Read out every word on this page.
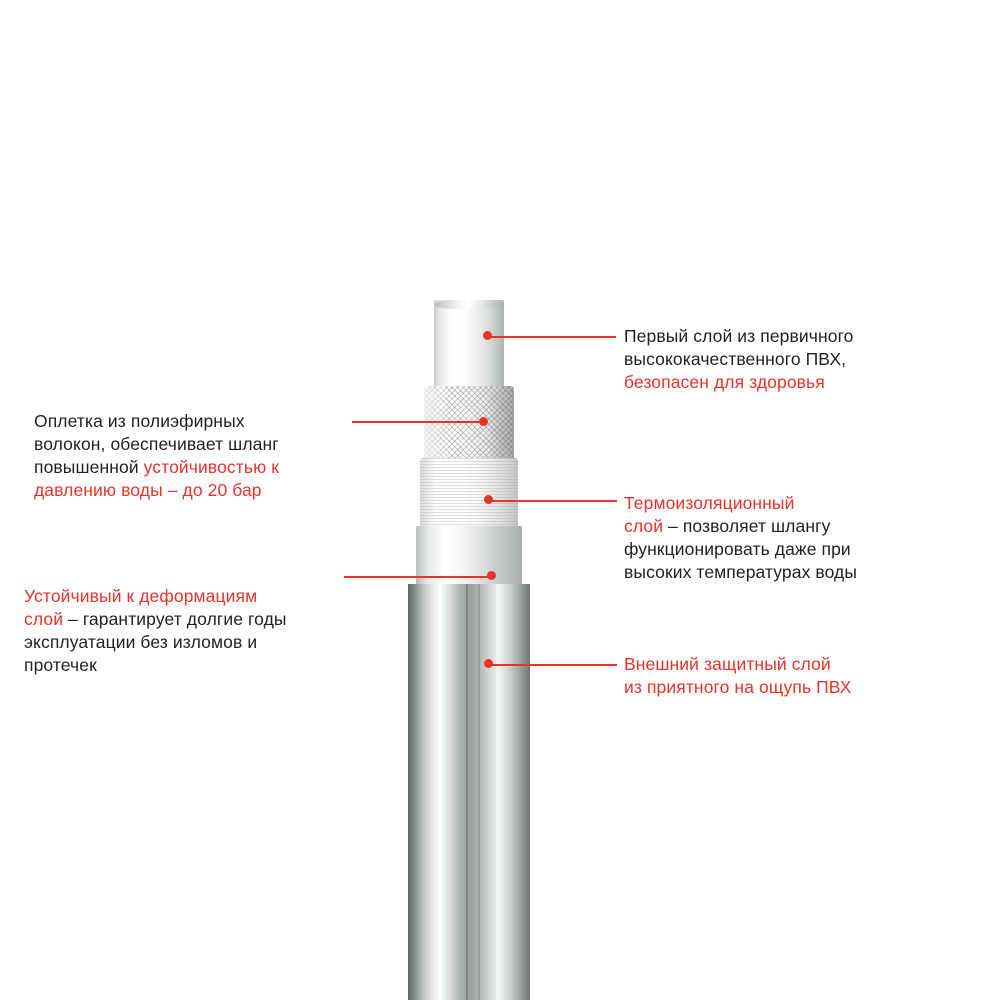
Первый слой из первичного
высококачественного ПВХ,
безопасен для здоровья
Оплетка из полиэфирных
волокон, обеспечивает шланг
повышенной устойчивостью к
давлению воды – до 20 бар
Термоизоляционный
слой – позволяет шлангу
функционировать даже при
высоких температурах воды
Устойчивый к деформациям
слой – гарантирует долгие годы
эксплуатации без изломов и
протечек	Внешний защитный слой
из приятного на ощупь ПВХ
